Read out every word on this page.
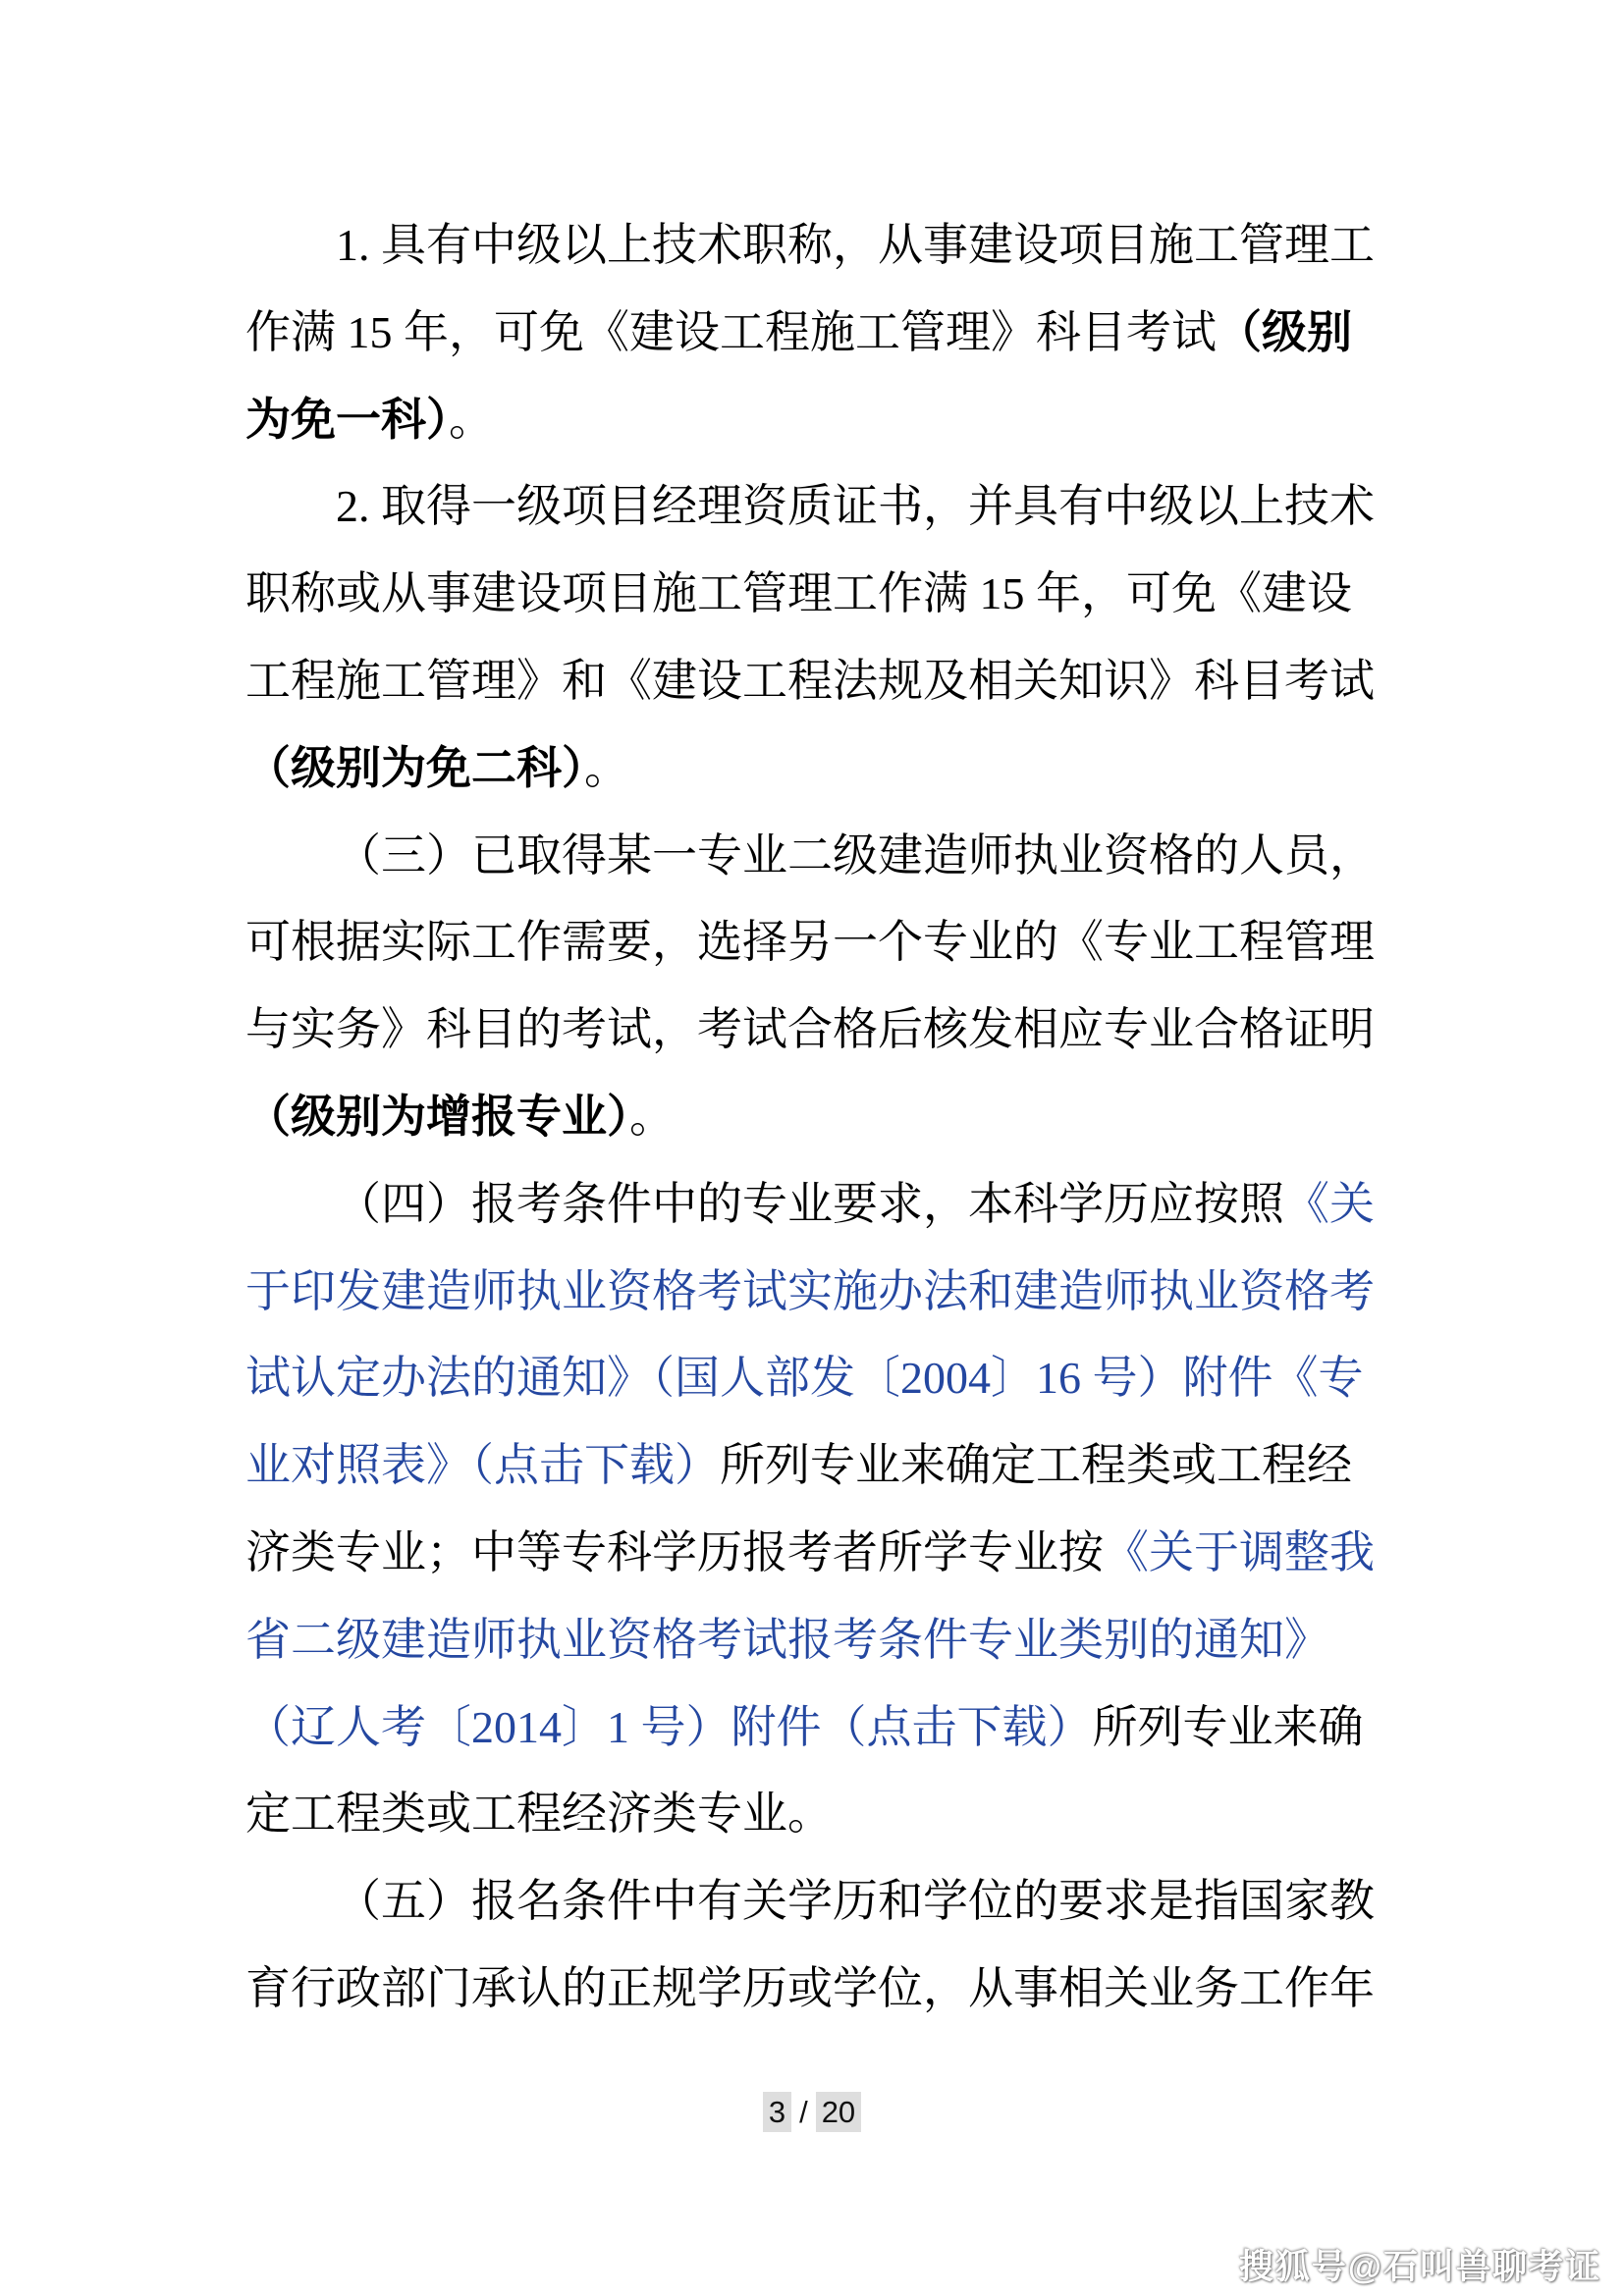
1. 具有中级以上技术职称，从事建设项目施工管理工
作满 15 年，可免《建设工程施工管理》科目考试（级别
为免一科）。
2. 取得一级项目经理资质证书，并具有中级以上技术
职称或从事建设项目施工管理工作满 15 年，可免《建设
工程施工管理》和《建设工程法规及相关知识》科目考试
（级别为免二科）。
（三）已取得某一专业二级建造师执业资格的人员，
可根据实际工作需要，选择另一个专业的《专业工程管理
与实务》科目的考试，考试合格后核发相应专业合格证明
（级别为增报专业）。
（四）报考条件中的专业要求，本科学历应按照《关
于印发建造师执业资格考试实施办法和建造师执业资格考
试认定办法的通知》（国人部发〔2004〕16 号）附件《专
业对照表》（点击下载）所列专业来确定工程类或工程经
济类专业；中等专科学历报考者所学专业按《关于调整我
省二级建造师执业资格考试报考条件专业类别的通知》
（辽人考〔2014〕1 号）附件（点击下载）所列专业来确
定工程类或工程经济类专业。
（五）报名条件中有关学历和学位的要求是指国家教
育行政部门承认的正规学历或学位，从事相关业务工作年
3 / 20
搜狐号@石叫兽聊考证
